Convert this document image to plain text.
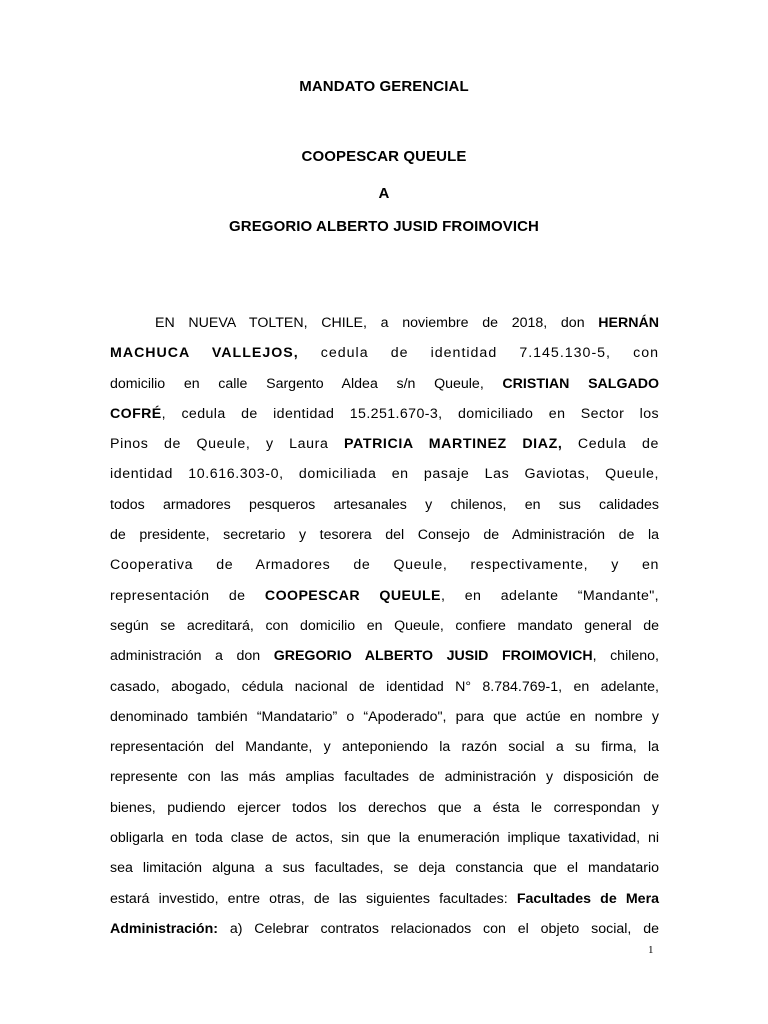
MANDATO GERENCIAL
COOPESCAR QUEULE
A
GREGORIO ALBERTO JUSID FROIMOVICH
EN NUEVA TOLTEN, CHILE, a noviembre de 2018, don HERNÁN
MACHUCA VALLEJOS, cedula de identidad 7.145.130-5, con
domicilio en calle Sargento Aldea s/n Queule, CRISTIAN SALGADO
COFRÉ, cedula de identidad 15.251.670-3, domiciliado en Sector los
Pinos de Queule, y Laura PATRICIA MARTINEZ DIAZ, Cedula de
identidad 10.616.303-0, domiciliada en pasaje Las Gaviotas, Queule,
todos armadores pesqueros artesanales y chilenos, en sus calidades
de presidente, secretario y tesorera del Consejo de Administración de la
Cooperativa de Armadores de Queule, respectivamente, y en
representación de COOPESCAR QUEULE, en adelante “Mandante",
según se acreditará, con domicilio en Queule, confiere mandato general de
administración a don GREGORIO ALBERTO JUSID FROIMOVICH, chileno,
casado, abogado, cédula nacional de identidad N° 8.784.769-1, en adelante,
denominado también “Mandatario” o “Apoderado", para que actúe en nombre y
representación del Mandante, y anteponiendo la razón social a su firma, la
represente con las más amplias facultades de administración y disposición de
bienes, pudiendo ejercer todos los derechos que a ésta le correspondan y
obligarla en toda clase de actos, sin que la enumeración implique taxatividad, ni
sea limitación alguna a sus facultades, se deja constancia que el mandatario
estará investido, entre otras, de las siguientes facultades: Facultades de Mera
Administración: a) Celebrar contratos relacionados con el objeto social, de
1
